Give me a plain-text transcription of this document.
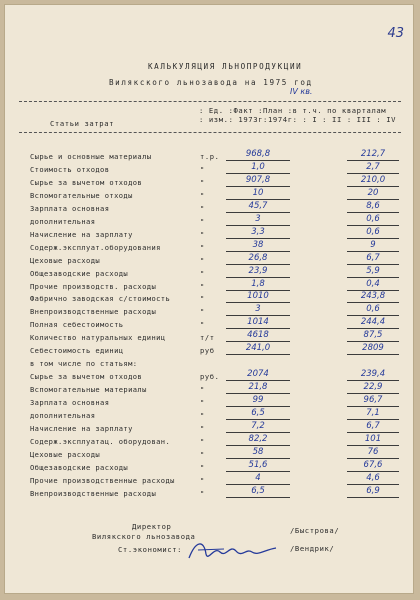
43
КАЛЬКУЛЯЦИЯ ЛЬНОПРОДУКЦИИ
Вилякского льнозавода на 1975 год
IV кв.
: Ед. :Факт :План :в т.ч. по кварталам
: изм.: 1973г:1974г: : I : II : III : IV
Статьи затрат
Сырье и основные материалы	т.р.	968,8	212,7
Стоимость отходов	"	1,0	2,7
Сырье за вычетом отходов	"	907,8	210,0
Вспомогательные отходы	"	10	20
Зарплата основная	"	45,7	8,6
дополнительная	"	3	0,6
Начисление на зарплату	"	3,3	0,6
Содерж.эксплуат.оборудования	"	38	9
Цеховые расходы	"	26,8	6,7
Общезаводские расходы	"	23,9	5,9
Прочие производств. расходы	"	1,8	0,4
Фабрично заводская с/стоимость	"	1010	243,8
Внепроизводственные расходы	"	3	0,6
Полная себестоимость	"	1014	244,4
Количество натуральных единиц	т/т	4618	87,5
Себестоимость единиц	руб	241,0	2809
в том числе по статьям:
Сырье за вычетом отходов	руб.	2074	239,4
Вспомогательные материалы	"	21,8	22,9
Зарплата основная	"	99	96,7
дополнительная	"	6,5	7,1
Начисление на зарплату	"	7,2	6,7
Содерж.эксплуатац. оборудован.	"	82,2	101
Цеховые расходы	"	58	76
Общезаводские расходы	"	51,6	67,6
Прочие производственные расходы	"	4	4,6
Внепроизводственные расходы	"	6,5	6,9
Директор
Вилякского льнозавода
/Быстрова/
Ст.экономист:	/Вендрик/
